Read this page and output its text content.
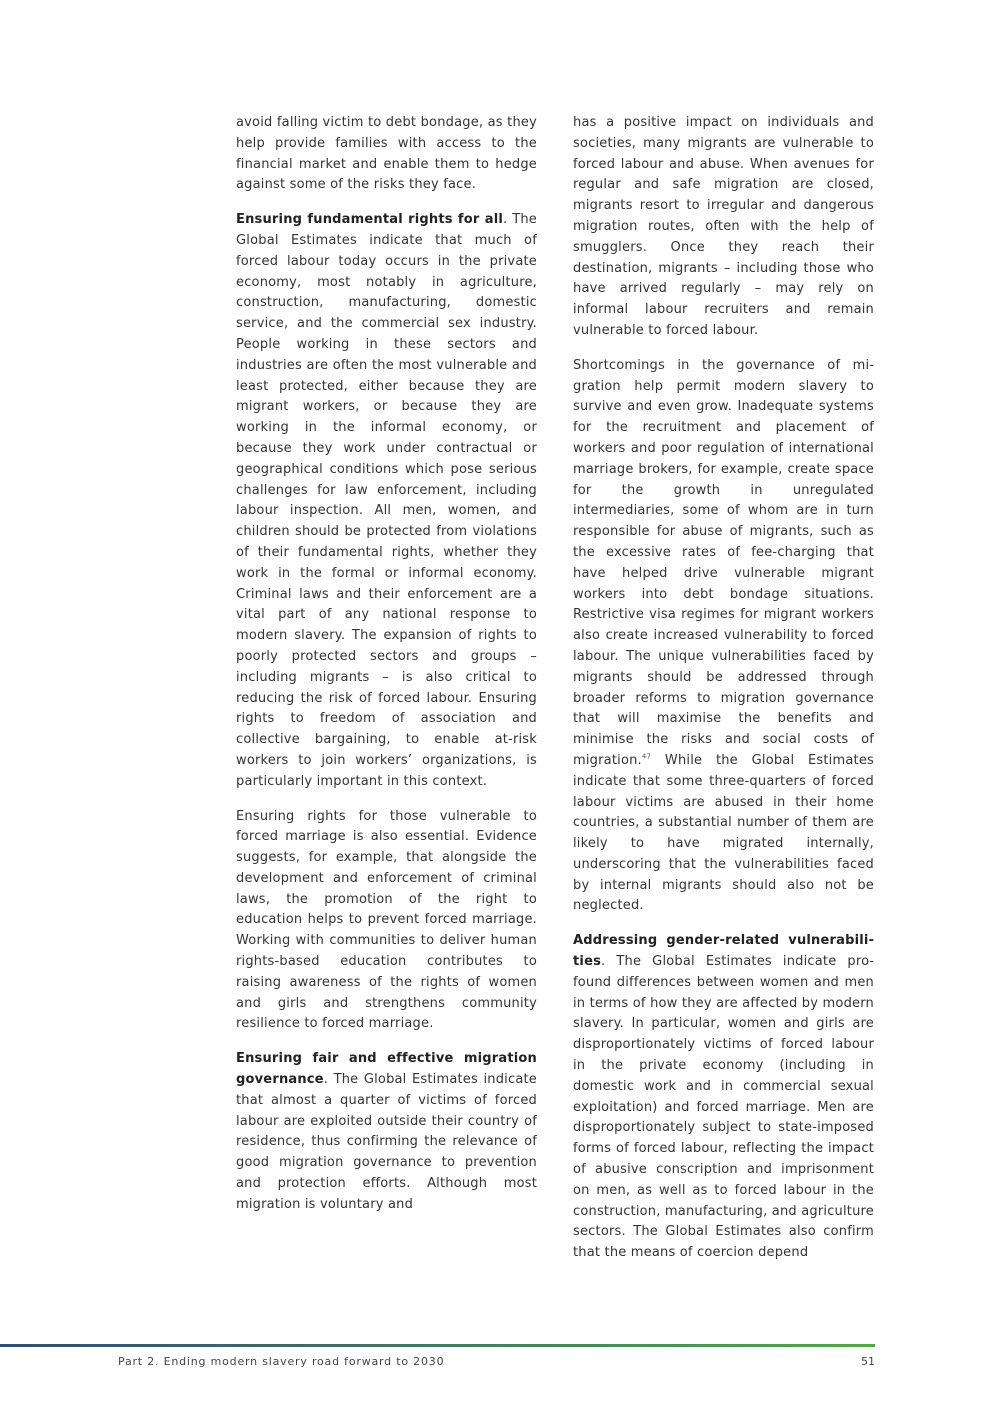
avoid falling victim to debt bondage, as they help provide families with access to the financial market and enable them to hedge against some of the risks they face.

Ensuring fundamental rights for all. The Global Estimates indicate that much of forced labour today occurs in the private economy, most notably in agriculture, construction, manufacturing, domestic service, and the commercial sex industry. People working in these sectors and industries are often the most vulnerable and least protected, either because they are migrant workers, or because they are working in the informal economy, or because they work under contractual or geographical conditions which pose serious challenges for law enforcement, including labour inspection. All men, women, and children should be protected from violations of their fundamental rights, whether they work in the formal or informal economy. Criminal laws and their enforcement are a vital part of any national response to modern slavery. The expansion of rights to poorly protected sectors and groups – including migrants – is also critical to reducing the risk of forced labour. Ensuring rights to freedom of association and collective bargaining, to enable at-risk workers to join workers’ organizations, is particularly important in this context.

Ensuring rights for those vulnerable to forced marriage is also essential. Evidence suggests, for example, that alongside the development and enforcement of criminal laws, the promotion of the right to education helps to prevent forced marriage. Working with communities to deliver human rights-based education contributes to raising awareness of the rights of women and girls and strengthens community resilience to forced marriage.

Ensuring fair and effective migration governance. The Global Estimates indicate that almost a quarter of victims of forced labour are exploited outside their country of residence, thus confirming the relevance of good migration governance to prevention and protection efforts. Although most migration is voluntary and

has a positive impact on individuals and societies, many migrants are vulnerable to forced labour and abuse. When avenues for regular and safe migration are closed, migrants resort to irregular and dangerous migration routes, often with the help of smugglers. Once they reach their destination, migrants – including those who have arrived regularly – may rely on informal labour recruiters and remain vulnerable to forced labour.

Shortcomings in the governance of migration help permit modern slavery to survive and even grow. Inadequate systems for the recruitment and placement of workers and poor regulation of international marriage brokers, for example, create space for the growth in unregulated intermediaries, some of whom are in turn responsible for abuse of migrants, such as the excessive rates of fee-charging that have helped drive vulnerable migrant workers into debt bondage situations. Restrictive visa regimes for migrant workers also create increased vulnerability to forced labour. The unique vulnerabilities faced by migrants should be addressed through broader reforms to migration governance that will maximise the benefits and minimise the risks and social costs of migration.$^{47}$ While the Global Estimates indicate that some three-quarters of forced labour victims are abused in their home countries, a substantial number of them are likely to have migrated internally, underscoring that the vulnerabilities faced by internal migrants should also not be neglected.

Addressing gender-related vulnerabilities. The Global Estimates indicate profound differences between women and men in terms of how they are affected by modern slavery. In particular, women and girls are disproportionately victims of forced labour in the private economy (including in domestic work and in commercial sexual exploitation) and forced marriage. Men are disproportionately subject to state-imposed forms of forced labour, reflecting the impact of abusive conscription and imprisonment on men, as well as to forced labour in the construction, manufacturing, and agriculture sectors. The Global Estimates also confirm that the means of coercion depend

Part 2. Ending modern slavery road forward to 2030	51
